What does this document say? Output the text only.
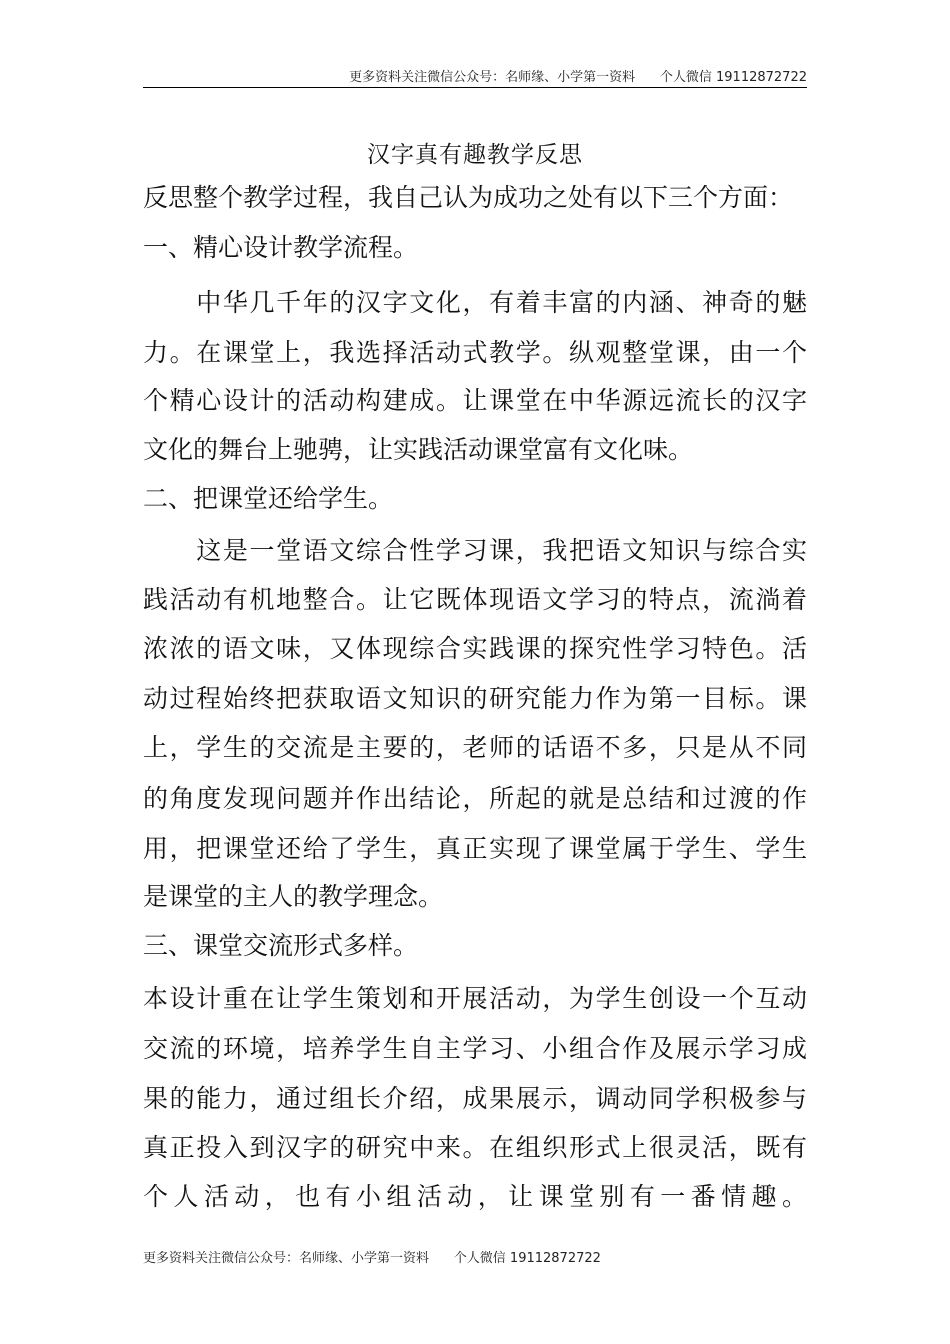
更多资料关注微信公众号：名师缘、小学第一资料      个人微信 19112872722
汉字真有趣教学反思
反思整个教学过程，我自己认为成功之处有以下三个方面：
一、精心设计教学流程。
　　中华几千年的汉字文化，有着丰富的内涵、神奇的魅
力。在课堂上，我选择活动式教学。纵观整堂课，由一个
个精心设计的活动构建成。让课堂在中华源远流长的汉字
文化的舞台上驰骋，让实践活动课堂富有文化味。
二、把课堂还给学生。
　　这是一堂语文综合性学习课，我把语文知识与综合实
践活动有机地整合。让它既体现语文学习的特点，流淌着
浓浓的语文味，又体现综合实践课的探究性学习特色。活
动过程始终把获取语文知识的研究能力作为第一目标。课
上，学生的交流是主要的，老师的话语不多，只是从不同
的角度发现问题并作出结论，所起的就是总结和过渡的作
用，把课堂还给了学生，真正实现了课堂属于学生、学生
是课堂的主人的教学理念。
三、课堂交流形式多样。
本设计重在让学生策划和开展活动，为学生创设一个互动
交流的环境，培养学生自主学习、小组合作及展示学习成
果的能力，通过组长介绍，成果展示，调动同学积极参与
真正投入到汉字的研究中来。在组织形式上很灵活，既有
个人活动，也有小组活动，让课堂别有一番情趣。
更多资料关注微信公众号：名师缘、小学第一资料      个人微信 19112872722
